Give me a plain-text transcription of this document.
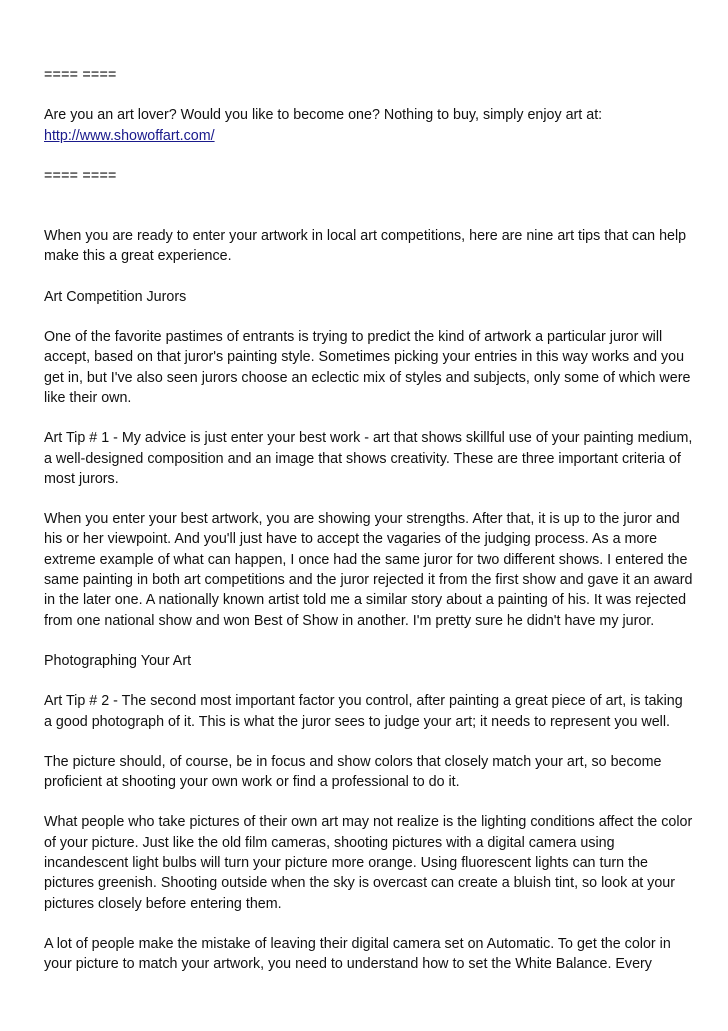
==== ====

Are you an art lover? Would you like to become one? Nothing to buy, simply enjoy art at:
http://www.showoffart.com/

==== ====

When you are ready to enter your artwork in local art competitions, here are nine art tips that can help make this a great experience.

Art Competition Jurors

One of the favorite pastimes of entrants is trying to predict the kind of artwork a particular juror will accept, based on that juror's painting style. Sometimes picking your entries in this way works and you get in, but I've also seen jurors choose an eclectic mix of styles and subjects, only some of which were like their own.

Art Tip # 1 - My advice is just enter your best work - art that shows skillful use of your painting medium, a well-designed composition and an image that shows creativity. These are three important criteria of most jurors.

When you enter your best artwork, you are showing your strengths. After that, it is up to the juror and his or her viewpoint. And you'll just have to accept the vagaries of the judging process. As a more extreme example of what can happen, I once had the same juror for two different shows. I entered the same painting in both art competitions and the juror rejected it from the first show and gave it an award in the later one. A nationally known artist told me a similar story about a painting of his. It was rejected from one national show and won Best of Show in another. I'm pretty sure he didn't have my juror.

Photographing Your Art

Art Tip # 2 - The second most important factor you control, after painting a great piece of art, is taking a good photograph of it. This is what the juror sees to judge your art; it needs to represent you well.

The picture should, of course, be in focus and show colors that closely match your art, so become proficient at shooting your own work or find a professional to do it.

What people who take pictures of their own art may not realize is the lighting conditions affect the color of your picture. Just like the old film cameras, shooting pictures with a digital camera using incandescent light bulbs will turn your picture more orange. Using fluorescent lights can turn the pictures greenish. Shooting outside when the sky is overcast can create a bluish tint, so look at your pictures closely before entering them.

A lot of people make the mistake of leaving their digital camera set on Automatic. To get the color in your picture to match your artwork, you need to understand how to set the White Balance. Every
